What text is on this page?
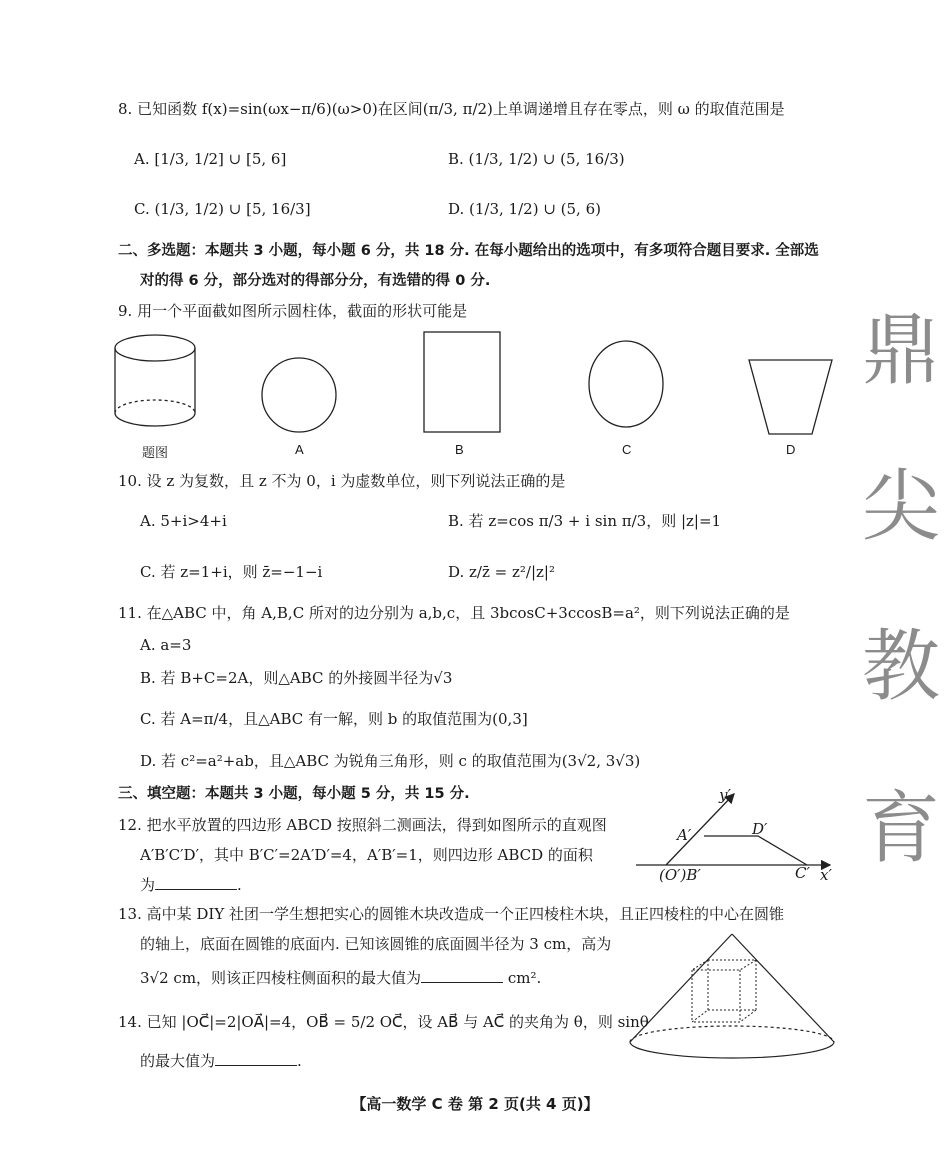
鼎
尖
教
育
8. 已知函数 f(x)=sin(ωx−π/6)(ω>0)在区间(π/3, π/2)上单调递增且存在零点，则 ω 的取值范围是
A. [1/3, 1/2] ∪ [5, 6]	B. (1/3, 1/2) ∪ (5, 16/3)
C. (1/3, 1/2) ∪ [5, 16/3]	D. (1/3, 1/2) ∪ (5, 6)
二、多选题：本题共 3 小题，每小题 6 分，共 18 分. 在每小题给出的选项中，有多项符合题目要求. 全部选
对的得 6 分，部分选对的得部分分，有选错的得 0 分.
9. 用一个平面截如图所示圆柱体，截面的形状可能是
题图	A	B	C	D
10. 设 z 为复数，且 z 不为 0，i 为虚数单位，则下列说法正确的是
A. 5+i>4+i	B. 若 z=cos π/3 + i sin π/3，则 |z|=1
C. 若 z=1+i，则 z̄=−1−i	D. z/z̄ = z²/|z|²
11. 在△ABC 中，角 A,B,C 所对的边分别为 a,b,c，且 3bcosC+3ccosB=a²，则下列说法正确的是
A. a=3
B. 若 B+C=2A，则△ABC 的外接圆半径为√3
C. 若 A=π/4，且△ABC 有一解，则 b 的取值范围为(0,3]
D. 若 c²=a²+ab，且△ABC 为锐角三角形，则 c 的取值范围为(3√2, 3√3)
三、填空题：本题共 3 小题，每小题 5 分，共 15 分.
12. 把水平放置的四边形 ABCD 按照斜二测画法，得到如图所示的直观图
A′B′C′D′，其中 B′C′=2A′D′=4，A′B′=1，则四边形 ABCD 的面积
为	.
y′
A′	D′
(O′)B′	C′ x′
13. 高中某 DIY 社团一学生想把实心的圆锥木块改造成一个正四棱柱木块，且正四棱柱的中心在圆锥
的轴上，底面在圆锥的底面内. 已知该圆锥的底面圆半径为 3 cm，高为
3√2 cm，则该正四棱柱侧面积的最大值为	cm².
14. 已知 |OC⃗|=2|OA⃗|=4，OB⃗ = 5/2 OC⃗，设 AB⃗ 与 AC⃗ 的夹角为 θ，则 sinθ
的最大值为	.
【高一数学 C 卷 第 2 页(共 4 页)】
